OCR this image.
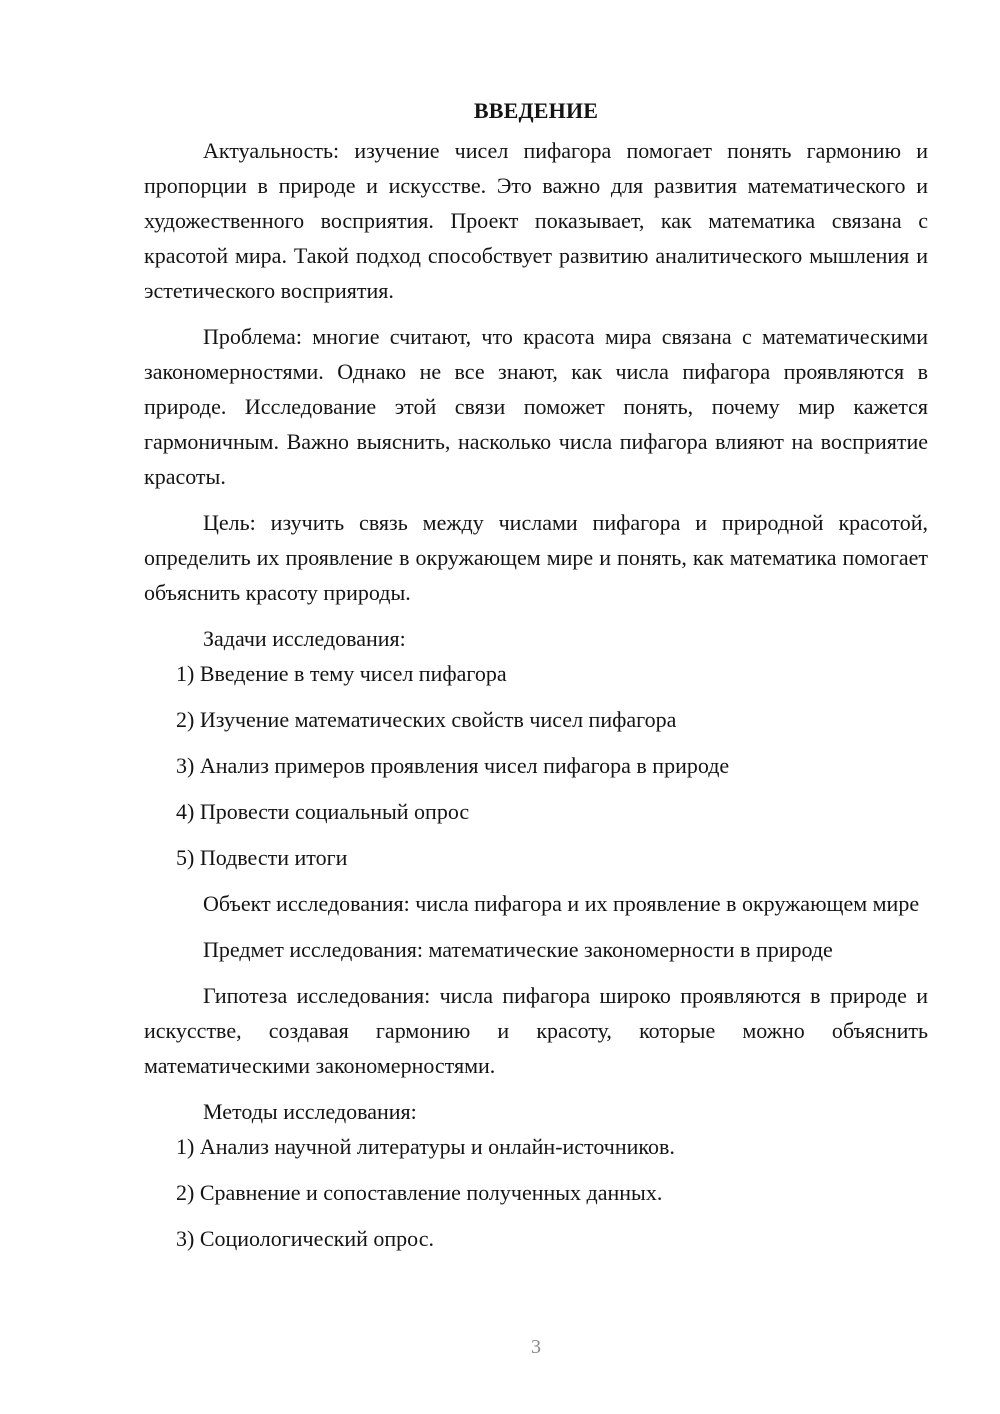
ВВЕДЕНИЕ

Актуальность: изучение чисел пифагора помогает понять гармонию и пропорции в природе и искусстве. Это важно для развития математического и художественного восприятия. Проект показывает, как математика связана с красотой мира. Такой подход способствует развитию аналитического мышления и эстетического восприятия.

Проблема: многие считают, что красота мира связана с математическими закономерностями. Однако не все знают, как числа пифагора проявляются в природе. Исследование этой связи поможет понять, почему мир кажется гармоничным. Важно выяснить, насколько числа пифагора влияют на восприятие красоты.

Цель: изучить связь между числами пифагора и природной красотой, определить их проявление в окружающем мире и понять, как математика помогает объяснить красоту природы.

Задачи исследования:

1) Введение в тему чисел пифагора
2) Изучение математических свойств чисел пифагора
3) Анализ примеров проявления чисел пифагора в природе
4) Провести социальный опрос
5) Подвести итоги

Объект исследования: числа пифагора и их проявление в окружающем мире

Предмет исследования: математические закономерности в природе

Гипотеза исследования: числа пифагора широко проявляются в природе и искусстве, создавая гармонию и красоту, которые можно объяснить математическими закономерностями.

Методы исследования:

1) Анализ научной литературы и онлайн-источников.
2) Сравнение и сопоставление полученных данных.
3) Социологический опрос.
3
